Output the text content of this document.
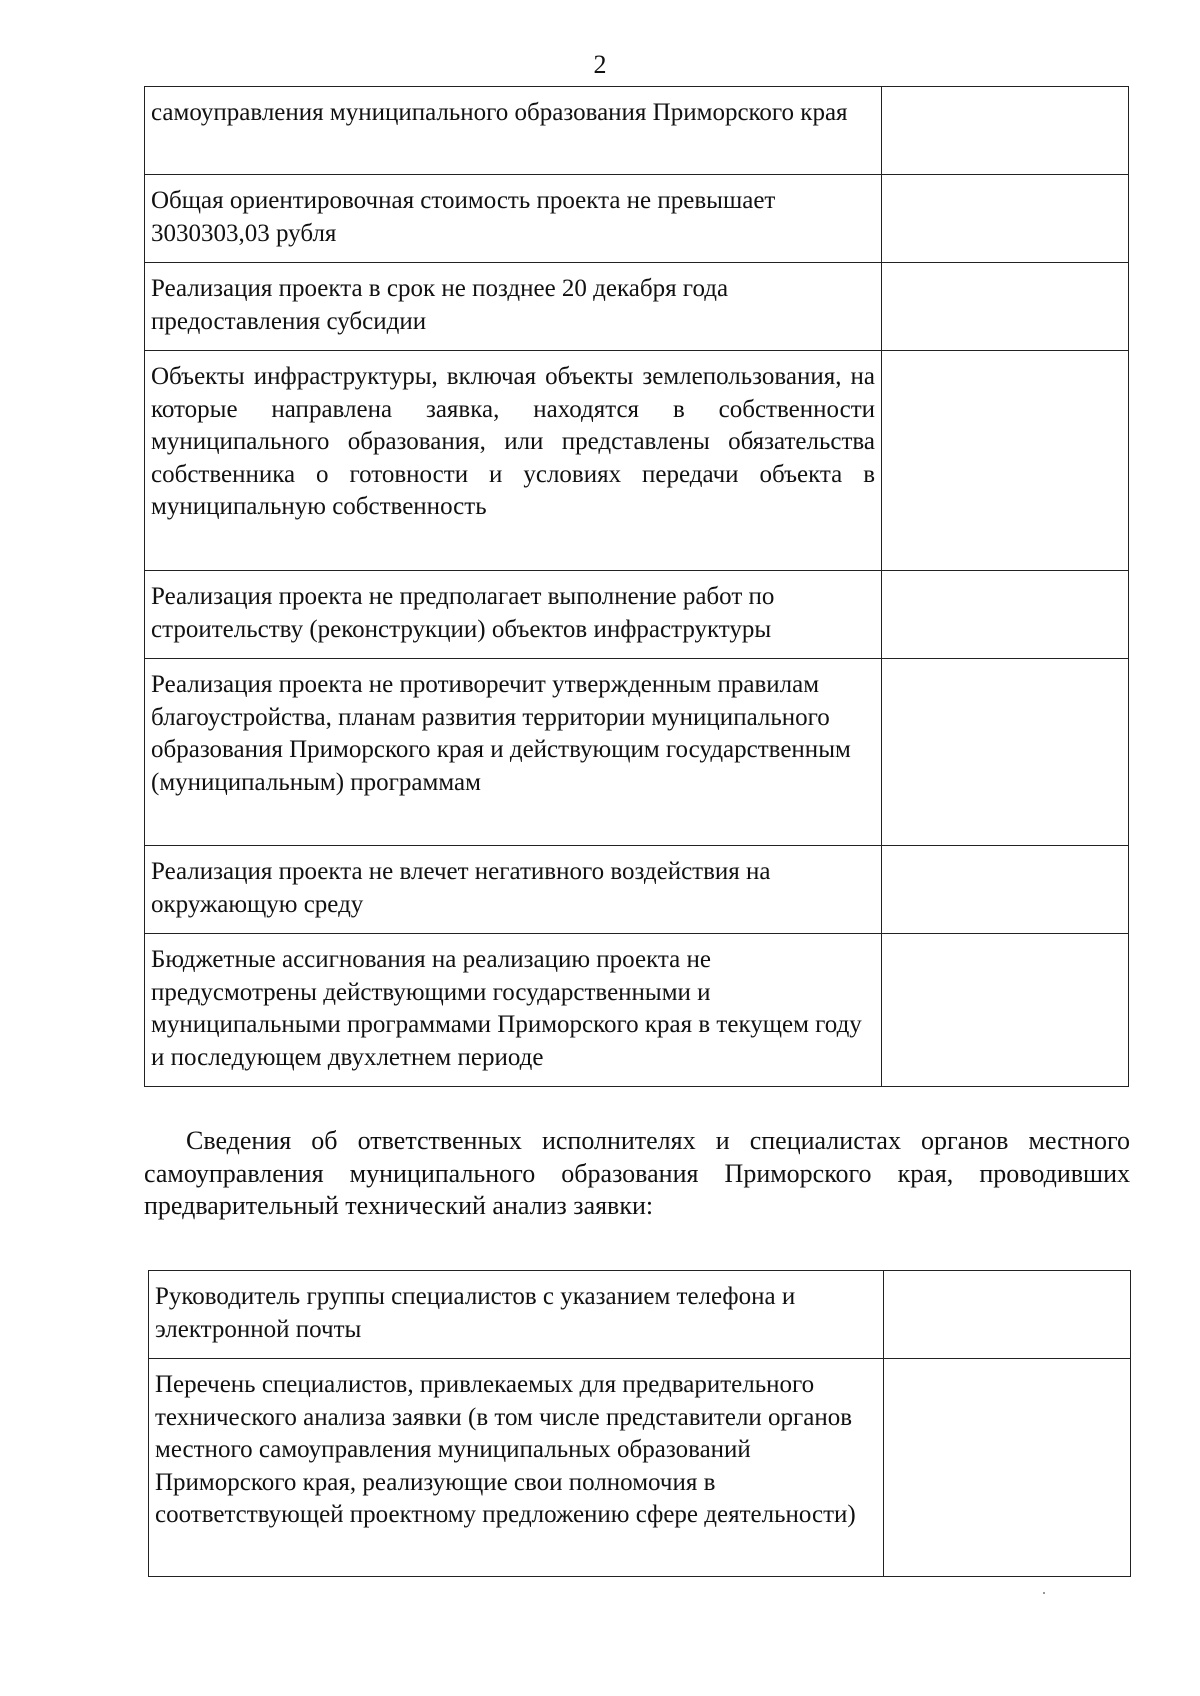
2
самоуправления муниципального образования Приморского края	
Общая ориентировочная стоимость проекта не превышает 3030303,03 рубля	
Реализация проекта в срок не позднее 20 декабря года предоставления субсидии	
Объекты инфраструктуры, включая объекты землепользования, на которые направлена заявка, находятся в собственности муниципального образования, или представлены обязательства собственника о готовности и условиях передачи объекта в муниципальную собственность	
Реализация проекта не предполагает выполнение работ по строительству (реконструкции) объектов инфраструктуры	
Реализация проекта не противоречит утвержденным правилам благоустройства, планам развития территории муниципального образования Приморского края и действующим государственным (муниципальным) программам	
Реализация проекта не влечет негативного воздействия на окружающую среду	
Бюджетные ассигнования на реализацию проекта не предусмотрены действующими государственными и муниципальными программами Приморского края в текущем году и последующем двухлетнем периоде	

Сведения об ответственных исполнителях и специалистах органов местного самоуправления муниципального образования Приморского края, проводивших предварительный технический анализ заявки:

Руководитель группы специалистов с указанием телефона и электронной почты	
Перечень специалистов, привлекаемых для предварительного технического анализа заявки (в том числе представители органов местного самоуправления муниципальных образований Приморского края, реализующие свои полномочия в соответствующей проектному предложению сфере деятельности)	
